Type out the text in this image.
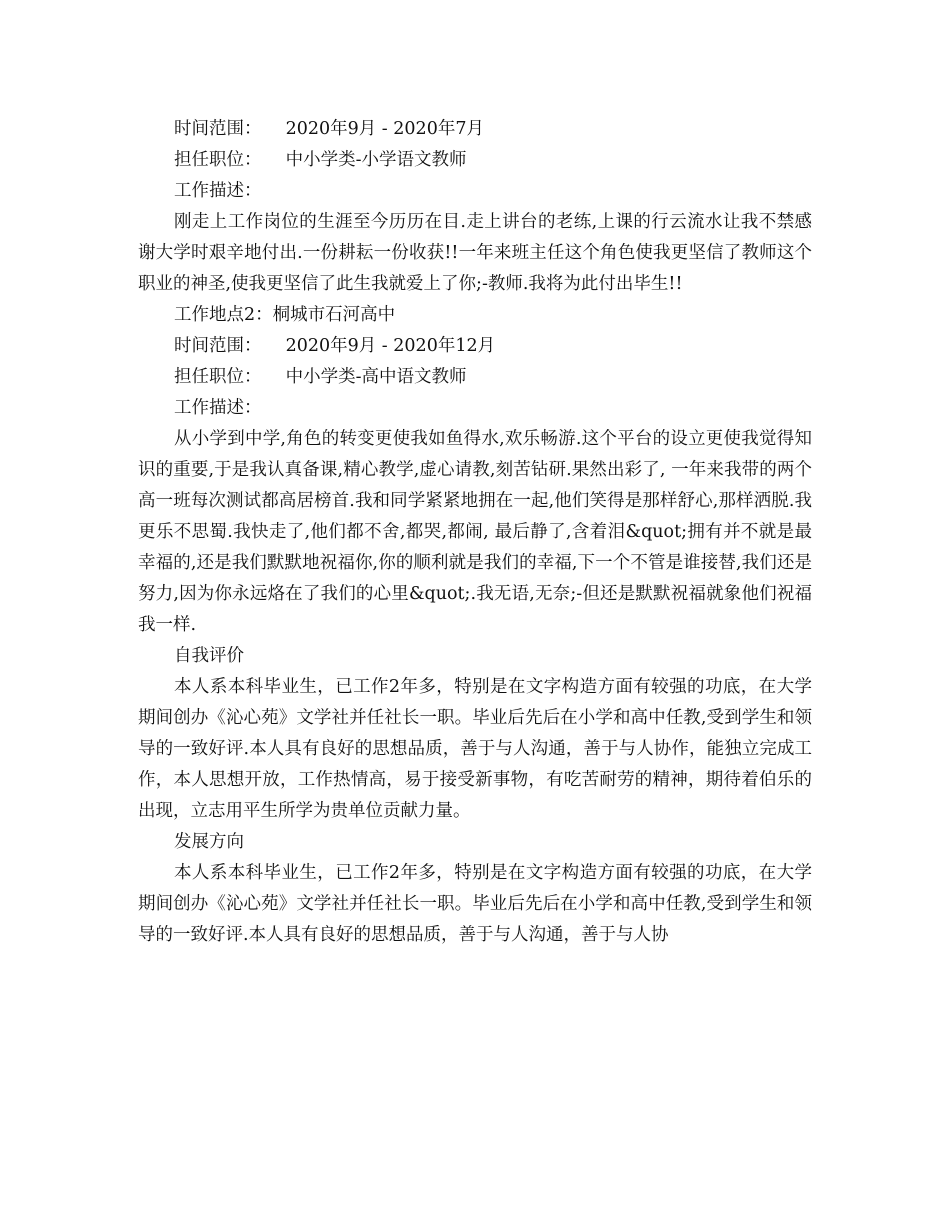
时间范围： 2020年9月 - 2020年7月

担任职位： 中小学类-小学语文教师

工作描述：

刚走上工作岗位的生涯至今历历在目.走上讲台的老练,上课的行云流水让我不禁感谢大学时艰辛地付出.一份耕耘一份收获!!一年来班主任这个角色使我更坚信了教师这个职业的神圣,使我更坚信了此生我就爱上了你;-教师.我将为此付出毕生!!

工作地点2：桐城市石河高中

时间范围： 2020年9月 - 2020年12月

担任职位： 中小学类-高中语文教师

工作描述：

从小学到中学,角色的转变更使我如鱼得水,欢乐畅游.这个平台的设立更使我觉得知识的重要,于是我认真备课,精心教学,虚心请教,刻苦钻研.果然出彩了, 一年来我带的两个高一班每次测试都高居榜首.我和同学紧紧地拥在一起,他们笑得是那样舒心,那样洒脱.我更乐不思蜀.我快走了,他们都不舍,都哭,都闹, 最后静了,含着泪&quot;拥有并不就是最幸福的,还是我们默默地祝福你,你的顺利就是我们的幸福,下一个不管是谁接替,我们还是努力,因为你永远烙在了我们的心里&quot;.我无语,无奈;-但还是默默祝福就象他们祝福我一样.

自我评价

本人系本科毕业生，已工作2年多，特别是在文字构造方面有较强的功底，在大学期间创办《沁心苑》文学社并任社长一职。毕业后先后在小学和高中任教,受到学生和领导的一致好评.本人具有良好的思想品质，善于与人沟通，善于与人协作，能独立完成工作，本人思想开放，工作热情高，易于接受新事物，有吃苦耐劳的精神，期待着伯乐的出现，立志用平生所学为贵单位贡献力量。

发展方向

本人系本科毕业生，已工作2年多，特别是在文字构造方面有较强的功底，在大学期间创办《沁心苑》文学社并任社长一职。毕业后先后在小学和高中任教,受到学生和领导的一致好评.本人具有良好的思想品质，善于与人沟通，善于与人协
